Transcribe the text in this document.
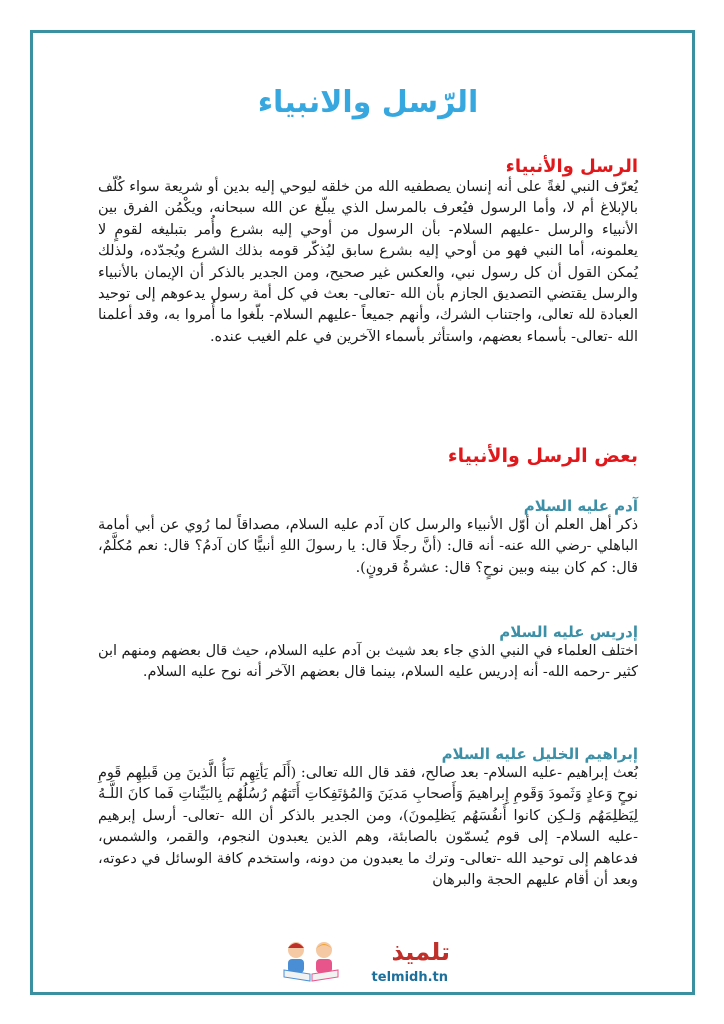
الرّسل والانبياء
الرسل والأنبياء

يُعرّف النبي لغةً على أنه إنسان يصطفيه الله من خلقه ليوحي إليه بدين أو شريعة سواء كُلّف بالإبلاغ أم لا، وأما الرسول فيُعرف بالمرسل الذي يبلّغ عن الله سبحانه، ويكْمُن الفرق بين الأنبياء والرسل -عليهم السلام- بأن الرسول من أوحي إليه بشرع وأُمر بتبليغه لقومٍ لا يعلمونه، أما النبي فهو من أوحي إليه بشرع سابق ليُذكّر قومه بذلك الشرع ويُجدّده، ولذلك يُمكن القول أن كل رسول نبي، والعكس غير صحيح، ومن الجدير بالذكر أن الإيمان بالأنبياء والرسل يقتضي التصديق الجازم بأن الله -تعالى- بعث في كل أمة رسول يدعوهم إلى توحيد العبادة لله تعالى، واجتناب الشرك، وأنهم جميعاً -عليهم السلام- بلّغوا ما أُمروا به، وقد أعلمنا الله -تعالى- بأسماء بعضهم، واستأثر بأسماء الآخرين في علم الغيب عنده.

بعض الرسل والأنبياء
آدم عليه السلام

ذكر أهل العلم أن أوّل الأنبياء والرسل كان آدم عليه السلام، مصداقاً لما رُوي عن أبي أمامة الباهلي -رضي الله عنه- أنه قال: (أنَّ رجلًا قال: يا رسولَ اللهِ أنبيًّا كان آدمُ؟ قال: نعم مُكلَّمٌ، قال: كم كان بينه وبين نوحٍ؟ قال: عشرةُ قرونٍ).

إدريس عليه السلام

اختلف العلماء في النبي الذي جاء بعد شيث بن آدم عليه السلام، حيث قال بعضهم ومنهم ابن كثير -رحمه الله- أنه إدريس عليه السلام، بينما قال بعضهم الآخر أنه نوح عليه السلام.

إبراهيم الخليل عليه السلام

بُعث إبراهيم -عليه السلام- بعد صالح، فقد قال الله تعالى: (أَلَم يَأتِهِم نَبَأُ الَّذينَ مِن قَبلِهِم قَومِ نوحٍ وَعادٍ وَثَمودَ وَقَومِ إِبراهيمَ وَأَصحابِ مَديَنَ وَالمُؤتَفِكاتِ أَتَتهُم رُسُلُهُم بِالبَيِّناتِ فَما كانَ اللَّـهُ لِيَظلِمَهُم وَلـكِن كانوا أَنفُسَهُم يَظلِمونَ)، ومن الجدير بالذكر أن الله -تعالى- أرسل إبرهيم -عليه السلام- إلى قوم يُسمّون بالصابئة، وهم الذين يعبدون النجوم، والقمر، والشمس، فدعاهم إلى توحيد الله -تعالى- وترك ما يعبدون من دونه، واستخدم كافة الوسائل في دعوته، وبعد أن أقام عليهم الحجة والبرهان

تلميذ
telmidh.tn
